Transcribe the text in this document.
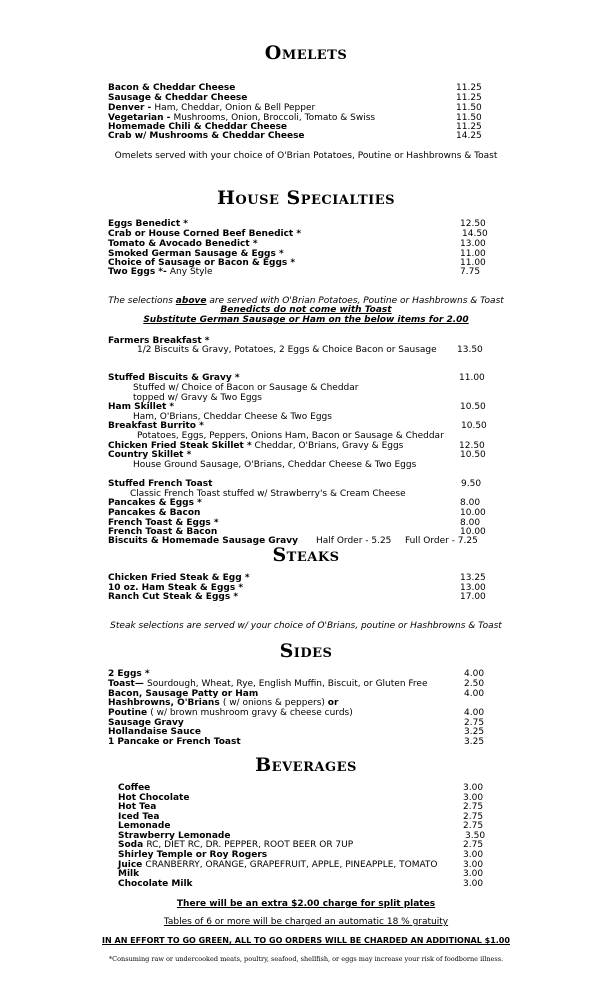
Omelets
Bacon & Cheddar Cheese	11.25
Sausage & Cheddar Cheese	11.25
Denver - Ham, Cheddar, Onion & Bell Pepper	11.50
Vegetarian - Mushrooms, Onion, Broccoli, Tomato & Swiss	11.50
Homemade Chili & Cheddar Cheese	11.25
Crab w/ Mushrooms & Cheddar Cheese	14.25
Omelets served with your choice of O'Brian Potatoes, Poutine or Hashbrowns & Toast
House Specialties
Eggs Benedict *	12.50
Crab or House Corned Beef Benedict *	14.50
Tomato & Avocado Benedict *	13.00
Smoked German Sausage & Eggs *	11.00
Choice of Sausage or Bacon & Eggs *	11.00
Two Eggs *- Any Style	7.75
The selections above are served with O'Brian Potatoes, Poutine or Hashbrowns & Toast
Benedicts do not come with Toast
Substitute German Sausage or Ham on the below items for 2.00
Farmers Breakfast *
1/2 Biscuits & Gravy, Potatoes, 2 Eggs & Choice Bacon or Sausage 13.50
Stuffed Biscuits & Gravy *	11.00
Stuffed w/ Choice of Bacon or Sausage & Cheddar
topped w/ Gravy & Two Eggs
Ham Skillet *	10.50
Ham, O'Brians, Cheddar Cheese & Two Eggs
Breakfast Burrito *	10.50
Potatoes, Eggs, Peppers, Onions Ham, Bacon or Sausage & Cheddar
Chicken Fried Steak Skillet * Cheddar, O'Brians, Gravy & Eggs	12.50
Country Skillet *	10.50
House Ground Sausage, O'Brians, Cheddar Cheese & Two Eggs
Stuffed French Toast	9.50
Classic French Toast stuffed w/ Strawberry's & Cream Cheese
Pancakes & Eggs *	8.00
Pancakes & Bacon	10.00
French Toast & Eggs *	8.00
French Toast & Bacon	10.00
Biscuits & Homemade Sausage Gravy Half Order - 5.25 Full Order - 7.25
Steaks
Chicken Fried Steak & Egg *	13.25
10 oz. Ham Steak & Eggs *	13.00
Ranch Cut Steak & Eggs *	17.00
Steak selections are served w/ your choice of O'Brians, poutine or Hashbrowns & Toast
Sides
2 Eggs *	4.00
Toast— Sourdough, Wheat, Rye, English Muffin, Biscuit, or Gluten Free	2.50
Bacon, Sausage Patty or Ham	4.00
Hashbrowns, O'Brians ( w/ onions & peppers) or
Poutine ( w/ brown mushroom gravy & cheese curds)	4.00
Sausage Gravy	2.75
Hollandaise Sauce	3.25
1 Pancake or French Toast	3.25
Beverages
Coffee	3.00
Hot Chocolate	3.00
Hot Tea	2.75
Iced Tea	2.75
Lemonade	2.75
Strawberry Lemonade	3.50
Soda RC, DIET RC, DR. PEPPER, ROOT BEER OR 7UP	2.75
Shirley Temple or Roy Rogers	3.00
Juice CRANBERRY, ORANGE, GRAPEFRUIT, APPLE, PINEAPPLE, TOMATO	3.00
Milk	3.00
Chocolate Milk	3.00
There will be an extra $2.00 charge for split plates
Tables of 6 or more will be charged an automatic 18 % gratuity
IN AN EFFORT TO GO GREEN, ALL TO GO ORDERS WILL BE CHARDED AN ADDITIONAL $1.00
*Consuming raw or undercooked meats, poultry, seafood, shellfish, or eggs may increase your risk of foodborne illness.
